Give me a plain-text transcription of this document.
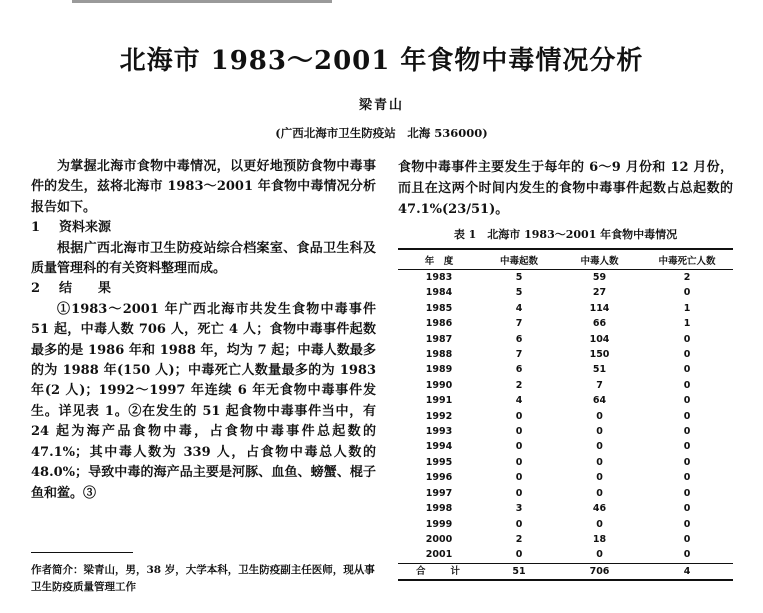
北海市 1983～2001 年食物中毒情况分析
梁青山
(广西北海市卫生防疫站　北海 536000)

为掌握北海市食物中毒情况，以更好地预防食物中毒事件的发生，兹将北海市 1983～2001 年食物中毒情况分析报告如下。

1 资料来源

根据广西北海市卫生防疫站综合档案室、食品卫生科及质量管理科的有关资料整理而成。

2 结　　果

①1983～2001 年广西北海市共发生食物中毒事件 51 起，中毒人数 706 人，死亡 4 人；食物中毒事件起数最多的是 1986 年和 1988 年，均为 7 起；中毒人数最多的为 1988 年(150 人)；中毒死亡人数量最多的为 1983 年(2 人)；1992～1997 年连续 6 年无食物中毒事件发生。详见表 1。②在发生的 51 起食物中毒事件当中，有 24 起为海产品食物中毒，占食物中毒事件总起数的 47.1%；其中毒人数为 339 人，占食物中毒总人数的 48.0%；导致中毒的海产品主要是河豚、血鱼、螃蟹、棍子鱼和鲎。③

作者简介：梁青山，男，38 岁，大学本科，卫生防疫副主任医师，现从事卫生防疫质量管理工作

食物中毒事件主要发生于每年的 6～9 月份和 12 月份，而且在这两个时间内发生的食物中毒事件起数占总起数的 47.1%(23/51)。

表 1　北海市 1983～2001 年食物中毒情况
年　度	中毒起数	中毒人数	中毒死亡人数
1983	5	59	2
1984	5	27	0
1985	4	114	1
1986	7	66	1
1987	6	104	0
1988	7	150	0
1989	6	51	0
1990	2	7	0
1991	4	64	0
1992	0	0	0
1993	0	0	0
1994	0	0	0
1995	0	0	0
1996	0	0	0
1997	0	0	0
1998	3	46	0
1999	0	0	0
2000	2	18	0
2001	0	0	0
合　　计	51	706	4
